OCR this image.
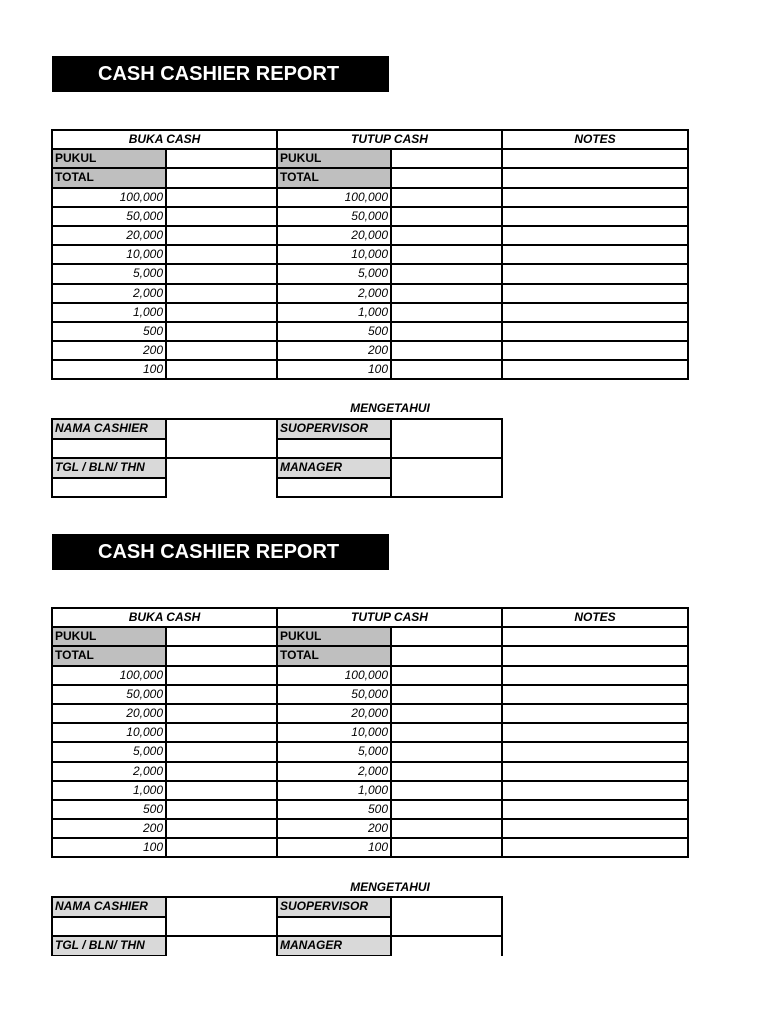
CASH CASHIER REPORT
BUKA CASH		TUTUP CASH		NOTES
PUKUL		PUKUL		
TOTAL		TOTAL		
100,000		100,000		
50,000		50,000		
20,000		20,000		
10,000		10,000		
5,000		5,000		
2,000		2,000		
1,000		1,000		
500		500		
200		200		
100		100		
MENGETAHUI
NAMA CASHIER		SUOPERVISOR	

TGL / BLN/ THN		MANAGER	

CASH CASHIER REPORT
BUKA CASH		TUTUP CASH		NOTES
PUKUL		PUKUL		
TOTAL		TOTAL		
100,000		100,000		
50,000		50,000		
20,000		20,000		
10,000		10,000		
5,000		5,000		
2,000		2,000		
1,000		1,000		
500		500		
200		200		
100		100		
MENGETAHUI
NAMA CASHIER		SUOPERVISOR	

TGL / BLN/ THN		MANAGER	
